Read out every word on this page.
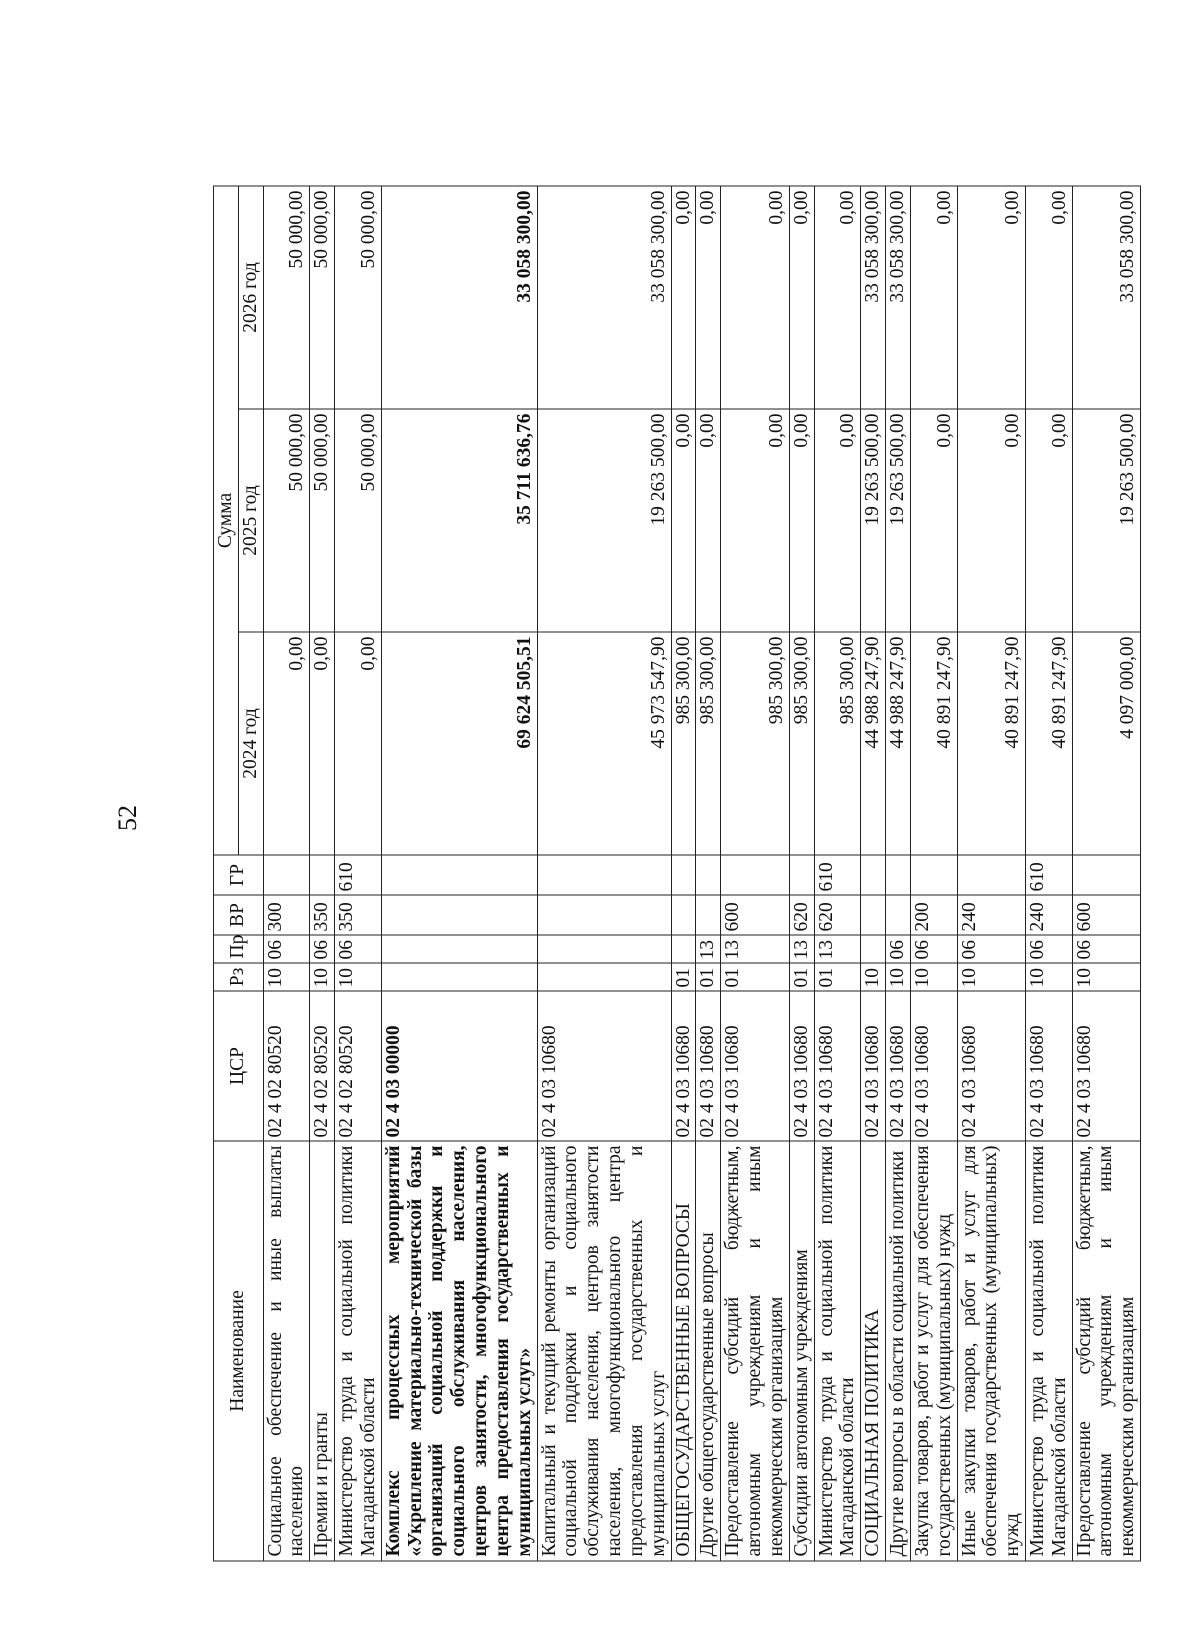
52
Наименование	ЦСР	Рз	Пр	ВР	ГР	Сумма		
						2024 год	2025 год	2026 год
Социальное обеспечение и иные выплаты населению	02 4 02 80520	10	06	300		0,00	50 000,00	50 000,00
Премии и гранты	02 4 02 80520	10	06	350		0,00	50 000,00	50 000,00
Министерство труда и социальной политики Магаданской области	02 4 02 80520	10	06	350	610	0,00	50 000,00	50 000,00
Комплекс процессных мероприятий «Укрепление материально-технической базы организаций социальной поддержки и социального обслуживания населения, центров занятости, многофункционального центра предоставления государственных и муниципальных услуг»	02 4 03 00000					69 624 505,51	35 711 636,76	33 058 300,00
Капитальный и текущий ремонты организаций социальной поддержки и социального обслуживания населения, центров занятости населения, многофункционального центра предоставления государственных и муниципальных услуг	02 4 03 10680					45 973 547,90	19 263 500,00	33 058 300,00
ОБЩЕГОСУДАРСТВЕННЫЕ ВОПРОСЫ	02 4 03 10680	01				985 300,00	0,00	0,00
Другие общегосударственные вопросы	02 4 03 10680	01	13			985 300,00	0,00	0,00
Предоставление субсидий бюджетным, автономным учреждениям и иным некоммерческим организациям	02 4 03 10680	01	13	600		985 300,00	0,00	0,00
Субсидии автономным учреждениям	02 4 03 10680	01	13	620		985 300,00	0,00	0,00
Министерство труда и социальной политики Магаданской области	02 4 03 10680	01	13	620	610	985 300,00	0,00	0,00
СОЦИАЛЬНАЯ ПОЛИТИКА	02 4 03 10680	10				44 988 247,90	19 263 500,00	33 058 300,00
Другие вопросы в области социальной политики	02 4 03 10680	10	06			44 988 247,90	19 263 500,00	33 058 300,00
Закупка товаров, работ и услуг для обеспечения государственных (муниципальных) нужд	02 4 03 10680	10	06	200		40 891 247,90	0,00	0,00
Иные закупки товаров, работ и услуг для обеспечения государственных (муниципальных) нужд	02 4 03 10680	10	06	240		40 891 247,90	0,00	0,00
Министерство труда и социальной политики Магаданской области	02 4 03 10680	10	06	240	610	40 891 247,90	0,00	0,00
Предоставление субсидий бюджетным, автономным учреждениям и иным некоммерческим организациям	02 4 03 10680	10	06	600		4 097 000,00	19 263 500,00	33 058 300,00
